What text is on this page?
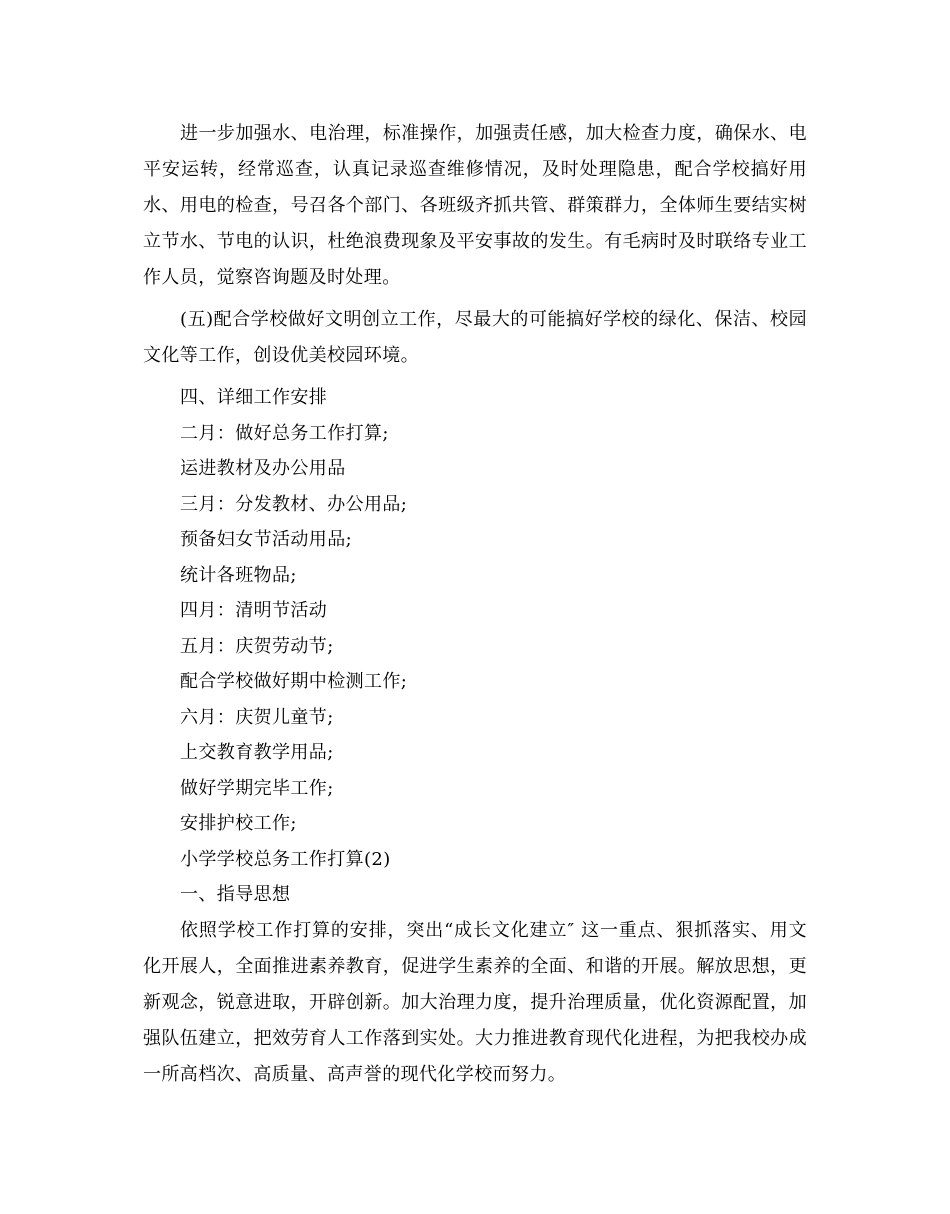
进一步加强水、电治理，标准操作，加强责任感，加大检查力度，确保水、电平安运转，经常巡查，认真记录巡查维修情况，及时处理隐患，配合学校搞好用水、用电的检查，号召各个部门、各班级齐抓共管、群策群力，全体师生要结实树立节水、节电的认识，杜绝浪费现象及平安事故的发生。有毛病时及时联络专业工作人员，觉察咨询题及时处理。

(五)配合学校做好文明创立工作，尽最大的可能搞好学校的绿化、保洁、校园文化等工作，创设优美校园环境。

四、详细工作安排

二月：做好总务工作打算;

运进教材及办公用品

三月：分发教材、办公用品;

预备妇女节活动用品;

统计各班物品;

四月：清明节活动

五月：庆贺劳动节;

配合学校做好期中检测工作;

六月：庆贺儿童节;

上交教育教学用品;

做好学期完毕工作;

安排护校工作;

小学学校总务工作打算(2)

一、指导思想

依照学校工作打算的安排，突出“成长文化建立″ 这一重点、狠抓落实、用文化开展人，全面推进素养教育，促进学生素养的全面、和谐的开展。解放思想，更新观念，锐意进取，开辟创新。加大治理力度，提升治理质量，优化资源配置，加强队伍建立，把效劳育人工作落到实处。大力推进教育现代化进程，为把我校办成一所高档次、高质量、高声誉的现代化学校而努力。
